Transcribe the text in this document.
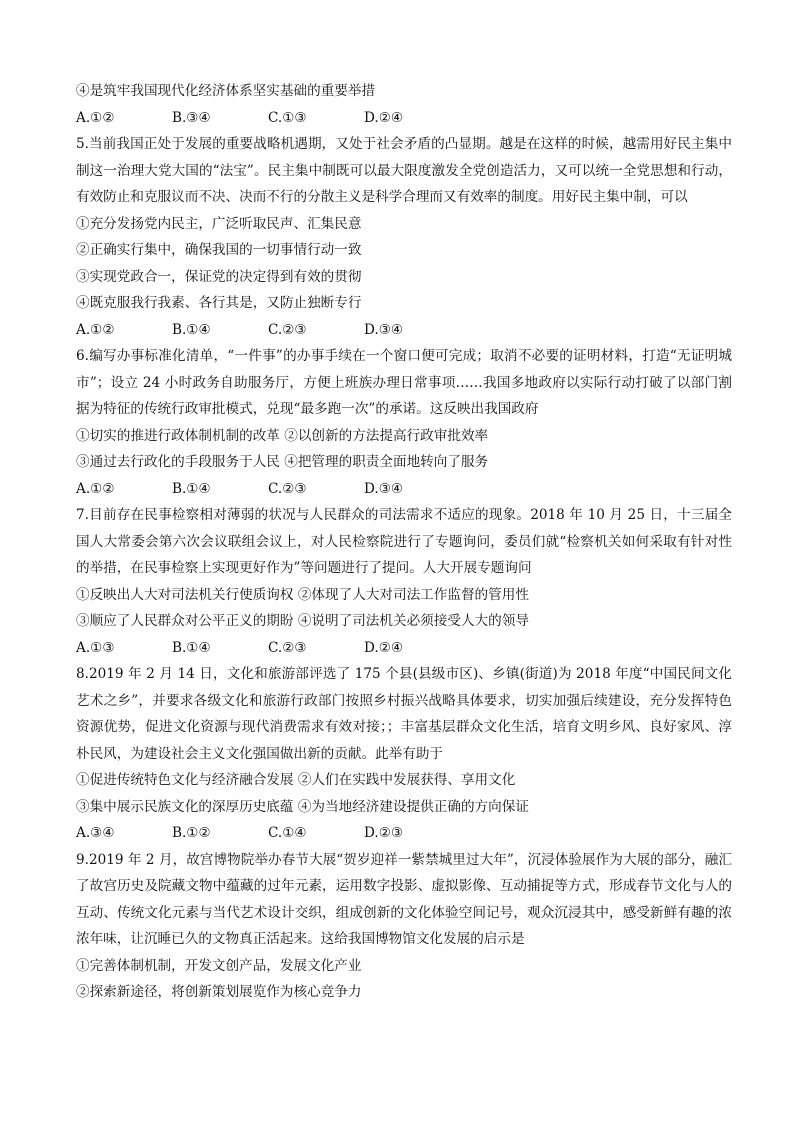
④是筑牢我国现代化经济体系坚实基础的重要举措

A.①②	B.③④	C.①③	D.②④

5.当前我国正处于发展的重要战略机遇期，又处于社会矛盾的凸显期。越是在这样的时候，越需用好民主集中制这一治理大党大国的“法宝”。民主集中制既可以最大限度激发全党创造活力，又可以统一全党思想和行动，有效防止和克服议而不决、决而不行的分散主义是科学合理而又有效率的制度。用好民主集中制，可以

①充分发扬党内民主，广泛听取民声、汇集民意

②正确实行集中，确保我国的一切事情行动一致

③实现党政合一，保证党的决定得到有效的贯彻

④既克服我行我素、各行其是，又防止独断专行

A.①②	B.①④	C.②③	D.③④

6.编写办事标准化清单，“一件事”的办事手续在一个窗口便可完成；取消不必要的证明材料，打造“无证明城市”；设立 24 小时政务自助服务厅，方便上班族办理日常事项……我国多地政府以实际行动打破了以部门割据为特征的传统行政审批模式，兑现“最多跑一次”的承诺。这反映出我国政府

①切实的推进行政体制机制的改革 ②以创新的方法提高行政审批效率

③通过去行政化的手段服务于人民 ④把管理的职责全面地转向了服务

A.①②	B.①④	C.②③	D.③④

7.目前存在民事检察相对薄弱的状况与人民群众的司法需求不适应的现象。2018 年 10 月 25 日，十三届全国人大常委会第六次会议联组会议上，对人民检察院进行了专题询问，委员们就“检察机关如何采取有针对性的举措，在民事检察上实现更好作为”等问题进行了提问。人大开展专题询问

①反映出人大对司法机关行使质询权 ②体现了人大对司法工作监督的管用性

③顺应了人民群众对公平正义的期盼 ④说明了司法机关必须接受人大的领导

A.①③	B.①④	C.②③	D.②④

8.2019 年 2 月 14 日，文化和旅游部评选了 175 个县(县级市区)、乡镇(街道)为 2018 年度“中国民间文化艺术之乡”，并要求各级文化和旅游行政部门按照乡村振兴战略具体要求，切实加强后续建设，充分发挥特色资源优势，促进文化资源与现代消费需求有效对接；；丰富基层群众文化生活，培育文明乡风、良好家风、淳朴民风，为建设社会主义文化强国做出新的贡献。此举有助于

①促进传统特色文化与经济融合发展 ②人们在实践中发展获得、享用文化

③集中展示民族文化的深厚历史底蕴 ④为当地经济建设提供正确的方向保证

A.③④	B.①②	C.①④	D.②③

9.2019 年 2 月，故宫博物院举办春节大展“贺岁迎祥一紫禁城里过大年”，沉浸体验展作为大展的部分，融汇了故宫历史及院藏文物中蕴藏的过年元素，运用数字投影、虚拟影像、互动捕捉等方式，形成春节文化与人的互动、传统文化元素与当代艺术设计交织，组成创新的文化体验空间记号，观众沉浸其中，感受新鲜有趣的浓浓年味，让沉睡已久的文物真正活起来。这给我国博物馆文化发展的启示是

①完善体制机制，开发文创产品，发展文化产业

②探索新途径，将创新策划展览作为核心竞争力
